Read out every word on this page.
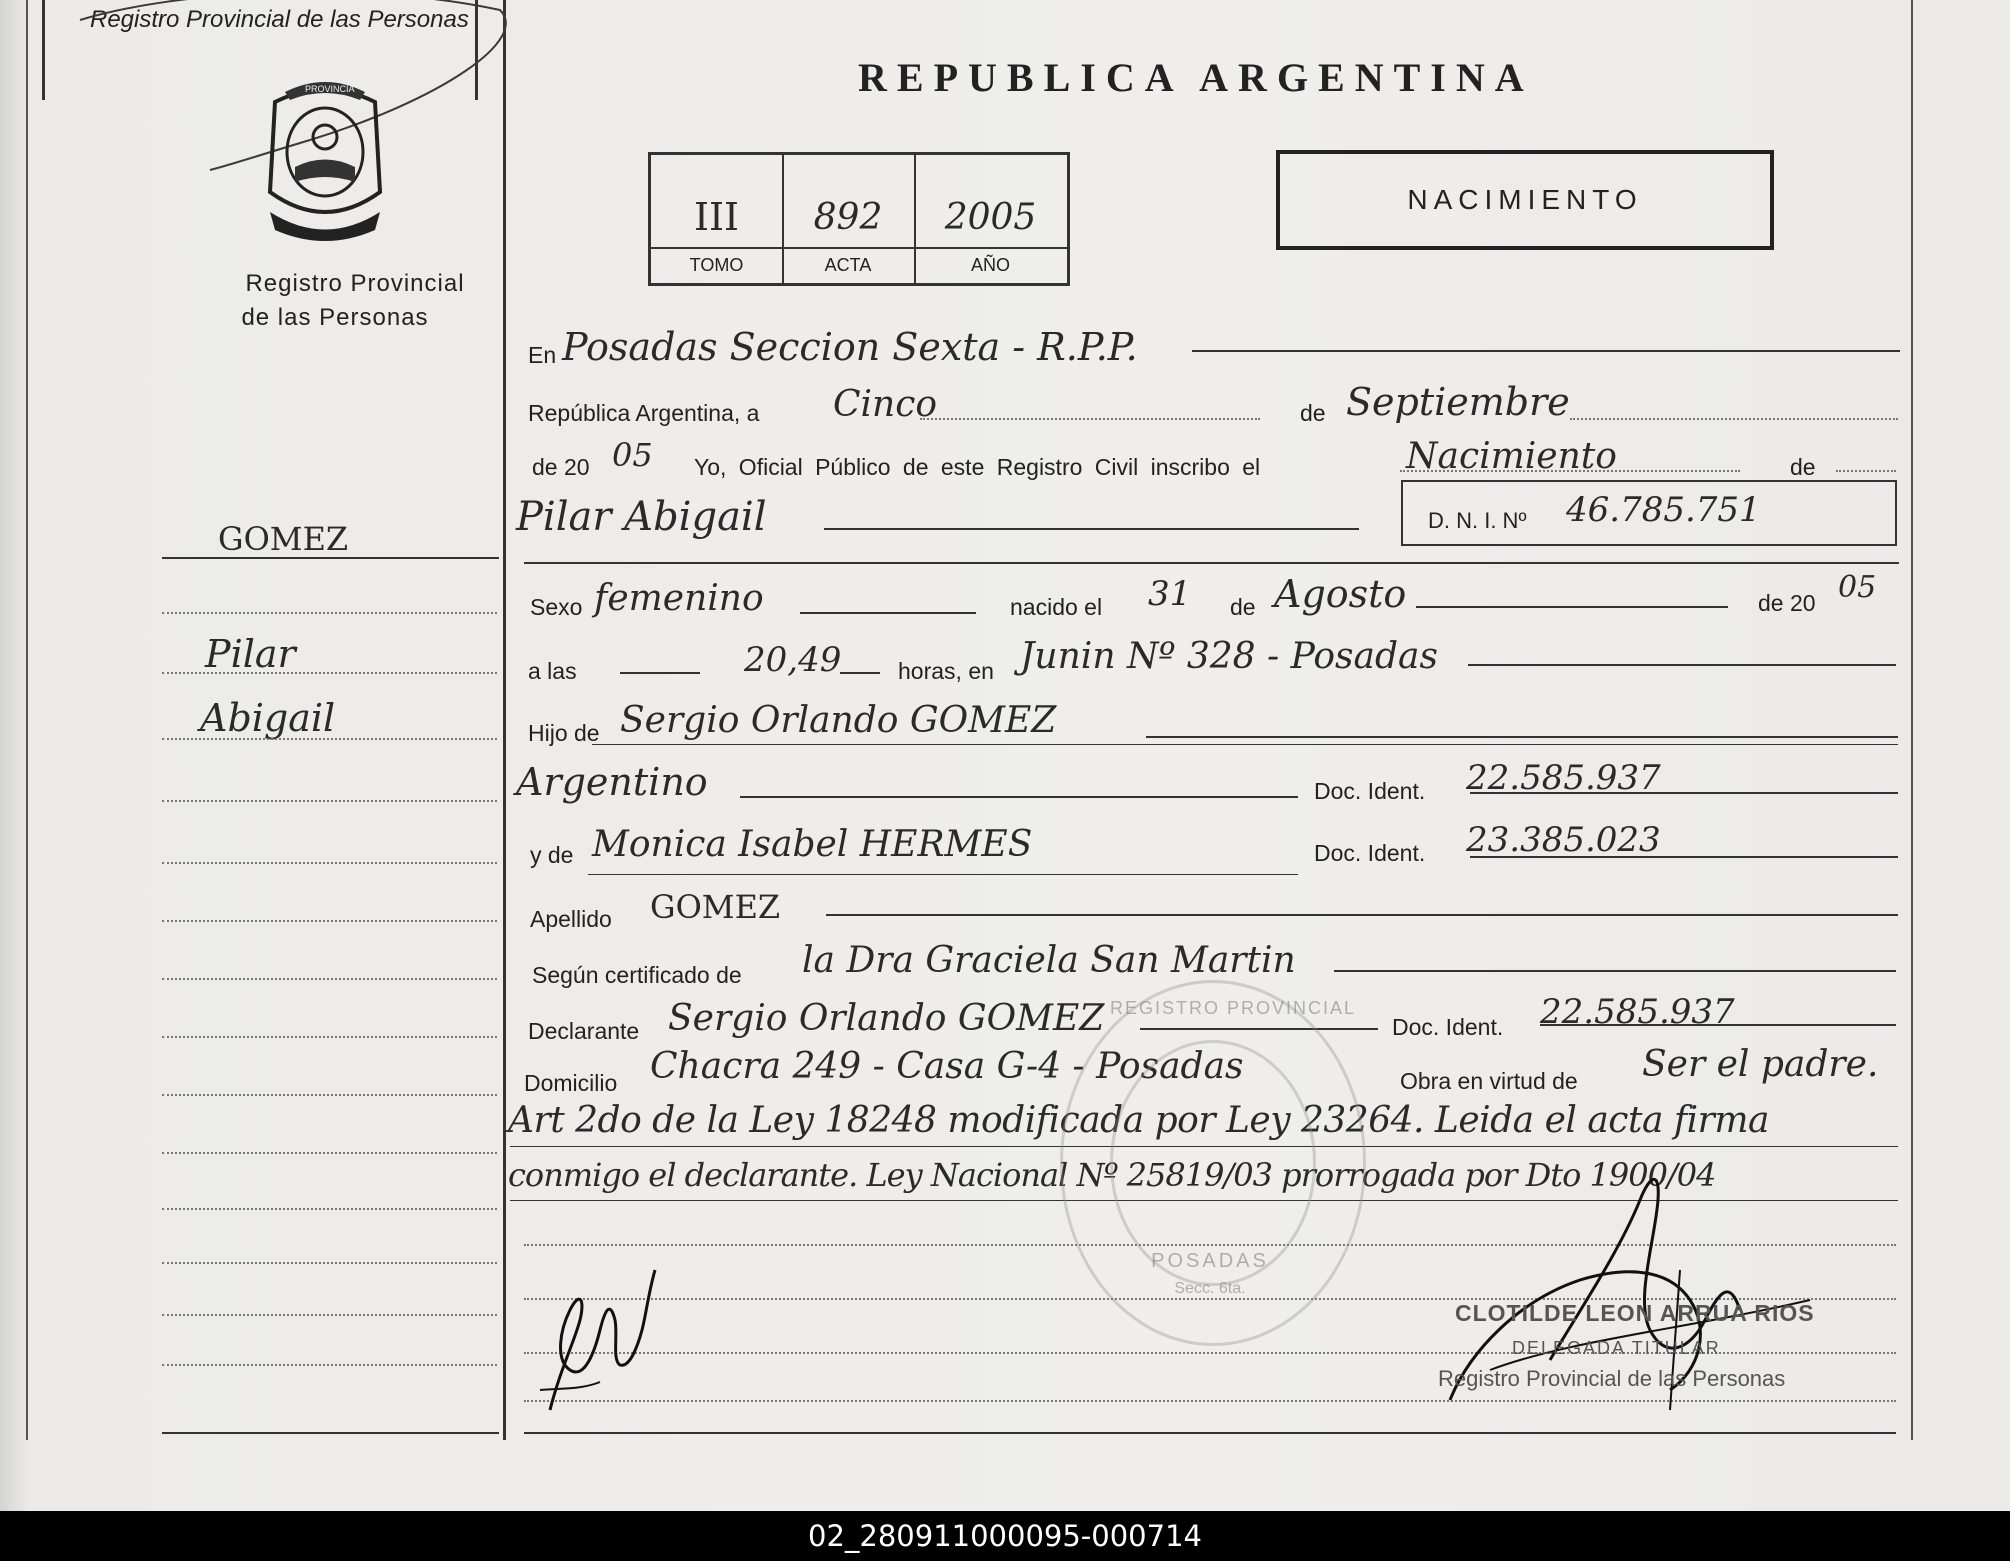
Registro Provincial de las Personas
PROVINCIA
MISIONES
Registro Provincial
de las Personas
GOMEZ
Pilar
Abigail
REPUBLICA ARGENTINA
III	892	2005
TOMO	ACTA	AÑO
NACIMIENTO
En Posadas Seccion Sexta - R.P.P.
República Argentina, a Cinco	de Septiembre
de 20 05 Yo, Oficial Público de este Registro Civil inscribo el	Nacimiento	de
Pilar Abigail	D. N. I. Nº 46.785.751
Sexo femenino	nacido el 31 de Agosto	de 20 05
a las	20,49 horas, en Junin Nº 328 - Posadas
Hijo de Sergio Orlando GOMEZ
Argentino	Doc. Ident. 22.585.937
y de Monica Isabel HERMES	Doc. Ident. 23.385.023
Apellido GOMEZ
Según certificado de la Dra Graciela San Martin
Declarante Sergio Orlando GOMEZ	Doc. Ident. 22.585.937
Domicilio Chacra 249 - Casa G-4 - Posadas	Obra en virtud de Ser el padre.
Art 2do de la Ley 18248 modificada por Ley 23264. Leida el acta firma
conmigo el declarante. Ley Nacional Nº 25819/03 prorrogada por Dto 1900/04
REGISTRO PROVINCIAL
POSADAS
Secc. 6ta.
CLOTILDE LEON ARRUA RIOS
DELEGADA TITULAR
Registro Provincial de las Personas
02_280911000095-000714
